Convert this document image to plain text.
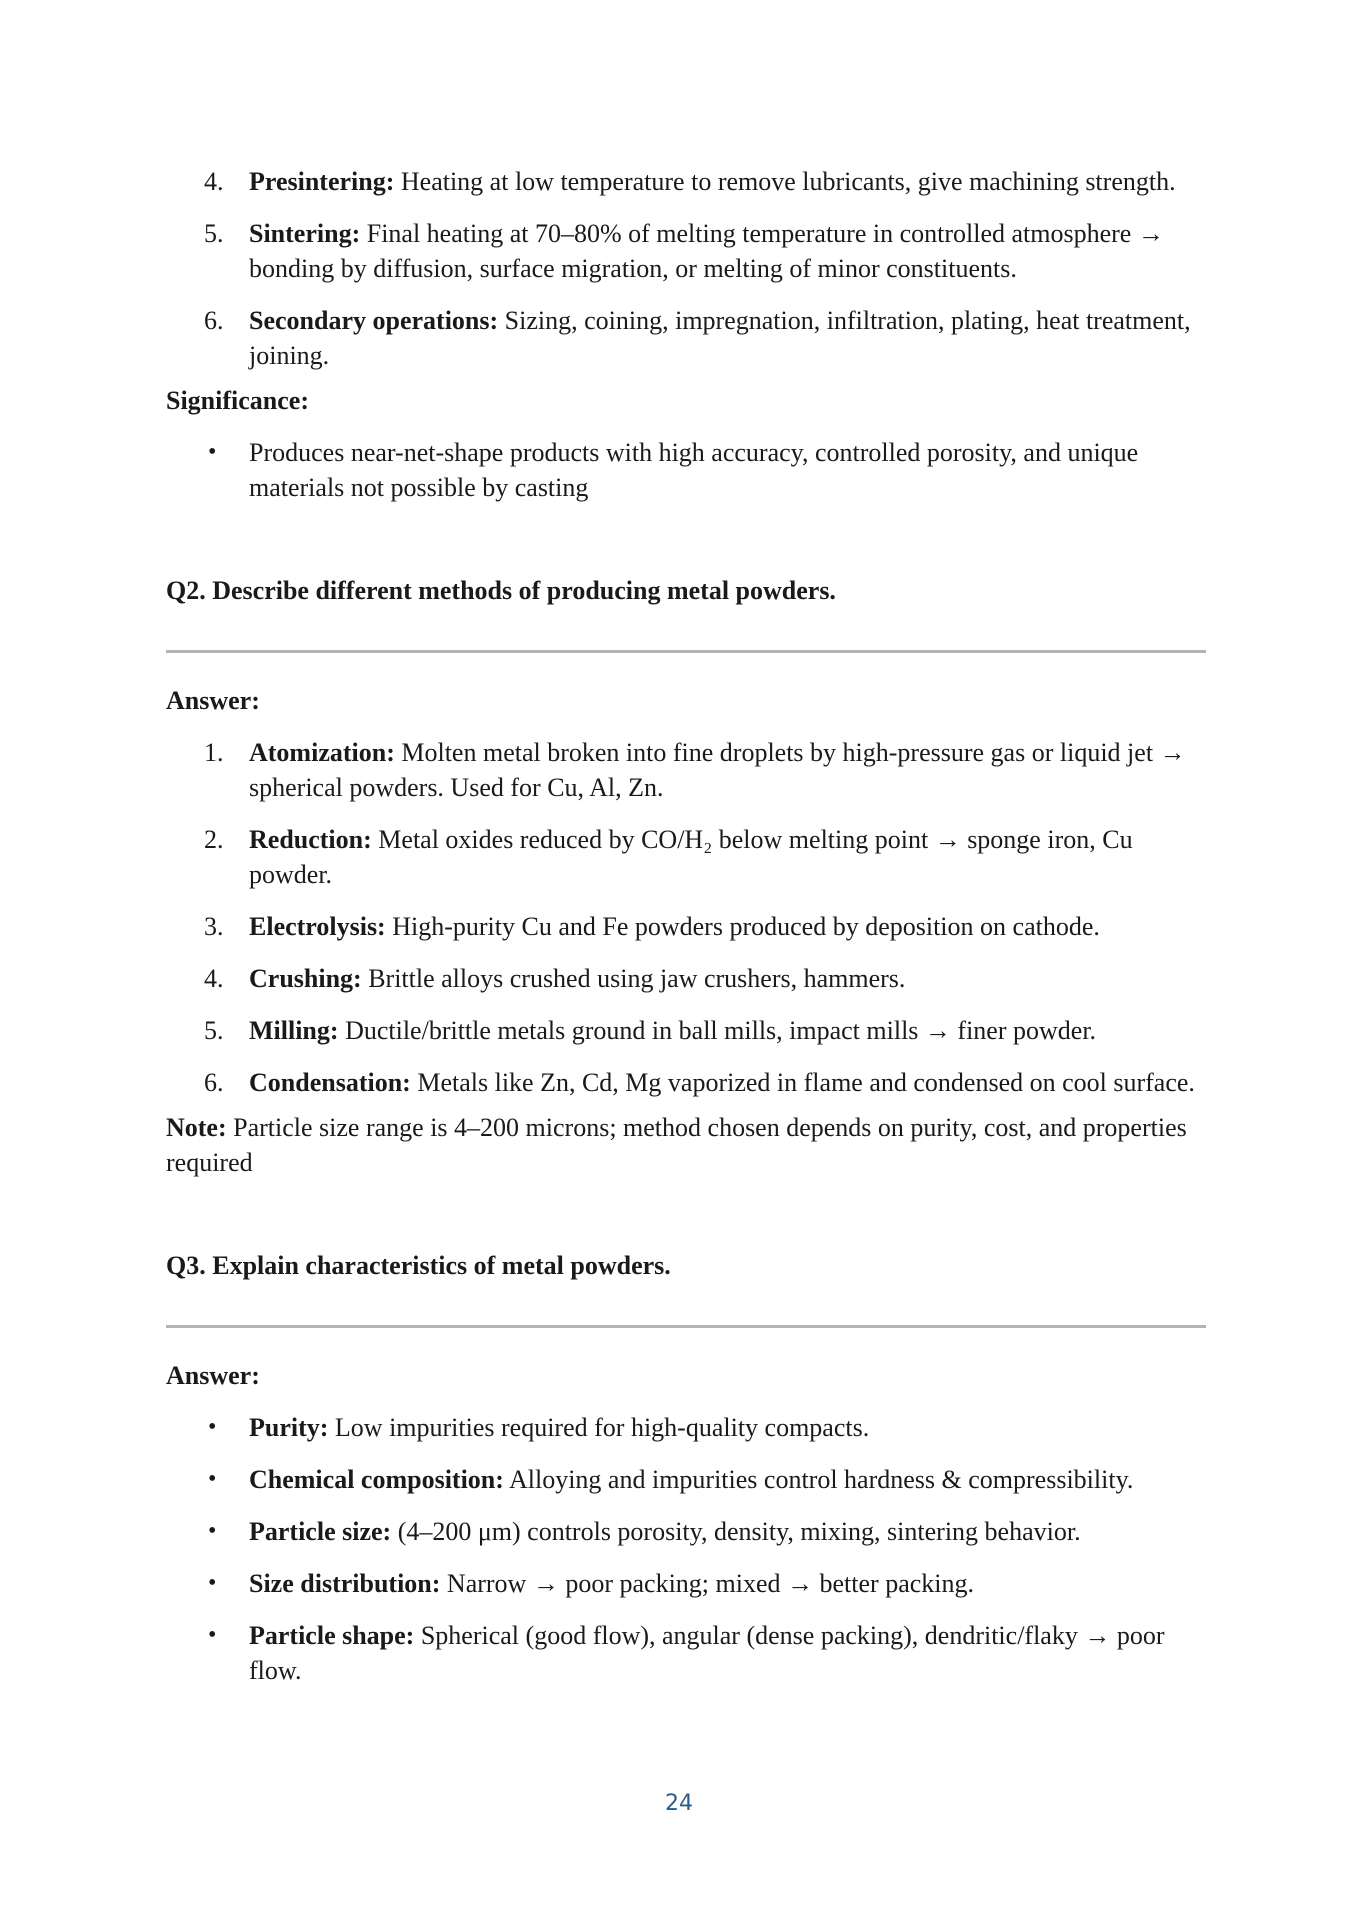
4. Presintering: Heating at low temperature to remove lubricants, give machining strength.
5. Sintering: Final heating at 70–80% of melting temperature in controlled atmosphere → bonding by diffusion, surface migration, or melting of minor constituents.
6. Secondary operations: Sizing, coining, impregnation, infiltration, plating, heat treatment, joining.

Significance:

• Produces near-net-shape products with high accuracy, controlled porosity, and unique materials not possible by casting

Q2. Describe different methods of producing metal powders.

Answer:

1. Atomization: Molten metal broken into fine droplets by high-pressure gas or liquid jet → spherical powders. Used for Cu, Al, Zn.
2. Reduction: Metal oxides reduced by CO/H₂ below melting point → sponge iron, Cu powder.
3. Electrolysis: High-purity Cu and Fe powders produced by deposition on cathode.
4. Crushing: Brittle alloys crushed using jaw crushers, hammers.
5. Milling: Ductile/brittle metals ground in ball mills, impact mills → finer powder.
6. Condensation: Metals like Zn, Cd, Mg vaporized in flame and condensed on cool surface.

Note: Particle size range is 4–200 microns; method chosen depends on purity, cost, and properties required

Q3. Explain characteristics of metal powders.

Answer:

• Purity: Low impurities required for high-quality compacts.
• Chemical composition: Alloying and impurities control hardness & compressibility.
• Particle size: (4–200 μm) controls porosity, density, mixing, sintering behavior.
• Size distribution: Narrow → poor packing; mixed → better packing.
• Particle shape: Spherical (good flow), angular (dense packing), dendritic/flaky → poor flow.
24
